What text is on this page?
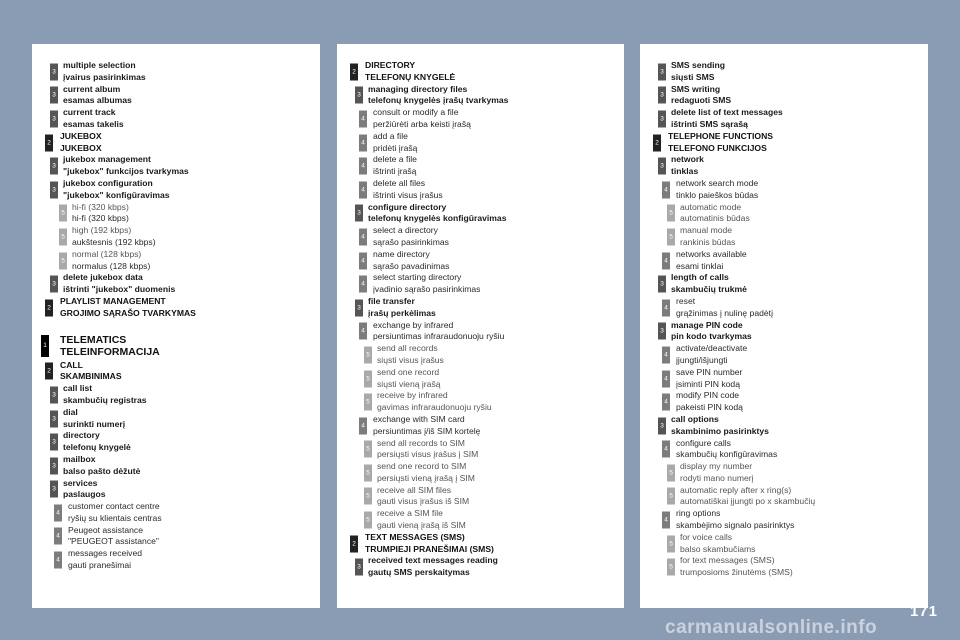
3
multiple selection
įvairus pasirinkimas
3
current album
esamas albumas
3
current track
esamas takelis
2
JUKEBOX
JUKEBOX
3
jukebox management
"jukebox" funkcijos tvarkymas
3
jukebox configuration
"jukebox" konfigūravimas
5
hi-fi (320 kbps)
hi-fi (320 kbps)
5
high (192 kbps)
aukštesnis (192 kbps)
5
normal (128 kbps)
normalus (128 kbps)
3
delete jukebox data
ištrinti "jukebox" duomenis
2
PLAYLIST MANAGEMENT
GROJIMO SĄRAŠO TVARKYMAS
1 TELEMATICS
TELEINFORMACIJA
2
CALL
SKAMBINIMAS
3
call list
skambučių registras
3
dial
surinkti numerį
3
directory
telefonų knygelė
3
mailbox
balso pašto dėžutė
3
services
paslaugos
4
customer contact centre
ryšių su klientais centras
4
Peugeot assistance
"PEUGEOT assistance"
4
messages received
gauti pranešimai
2
DIRECTORY
TELEFONŲ KNYGELĖ
3
managing directory files
telefonų knygelės įrašų tvarkymas
4
consult or modify a file
peržiūrėti arba keisti įrašą
4
add a file
pridėti įrašą
4
delete a file
ištrinti įrašą
4
delete all files
ištrinti visus įrašus
3
configure directory
telefonų knygelės konfigūravimas
4
select a directory
sąrašo pasirinkimas
4
name directory
sąrašo pavadinimas
4
select starting directory
įvadinio sąrašo pasirinkimas
3
file transfer
įrašų perkėlimas
4
exchange by infrared
persiuntimas infraraudonuoju ryšiu
5
send all records
siųsti visus įrašus
5
send one record
siųsti vieną įrašą
5
receive by infrared
gavimas infraraudonuoju ryšiu
4
exchange with SIM card
persiuntimas į/iš SIM kortelę
5
send all records to SIM
persiųsti visus įrašus į SIM
5
send one record to SIM
persiųsti vieną įrašą į SIM
5
receive all SIM files
gauti visus įrašus iš SIM
5
receive a SIM file
gauti vieną įrašą iš SIM
2
TEXT MESSAGES (SMS)
TRUMPIEJI PRANEŠIMAI (SMS)
3
received text messages reading
gautų SMS perskaitymas
3
SMS sending
siųsti SMS
3
SMS writing
redaguoti SMS
3
delete list of text messages
ištrinti SMS sąrašą
2
TELEPHONE FUNCTIONS
TELEFONO FUNKCIJOS
3
network
tinklas
4
network search mode
tinklo paieškos būdas
5
automatic mode
automatinis būdas
5
manual mode
rankinis būdas
4
networks available
esami tinklai
3
length of calls
skambučių trukmė
4
reset
grąžinimas į nulinę padėtį
3
manage PIN code
pin kodo tvarkymas
4
activate/deactivate
įjungti/išjungti
4
save PIN number
įsiminti PIN kodą
4
modify PIN code
pakeisti PIN kodą
3
call options
skambinimo pasirinktys
4
configure calls
skambučių konfigūravimas
5
display my number
rodyti mano numerį
5
automatic reply after x ring(s)
automatiškai įjungti po x skambučių
4
ring options
skambėjimo signalo pasirinktys
5
for voice calls
balso skambučiams
5
for text messages (SMS)
trumposioms žinutėms (SMS)
171
carmanualsonline.info
